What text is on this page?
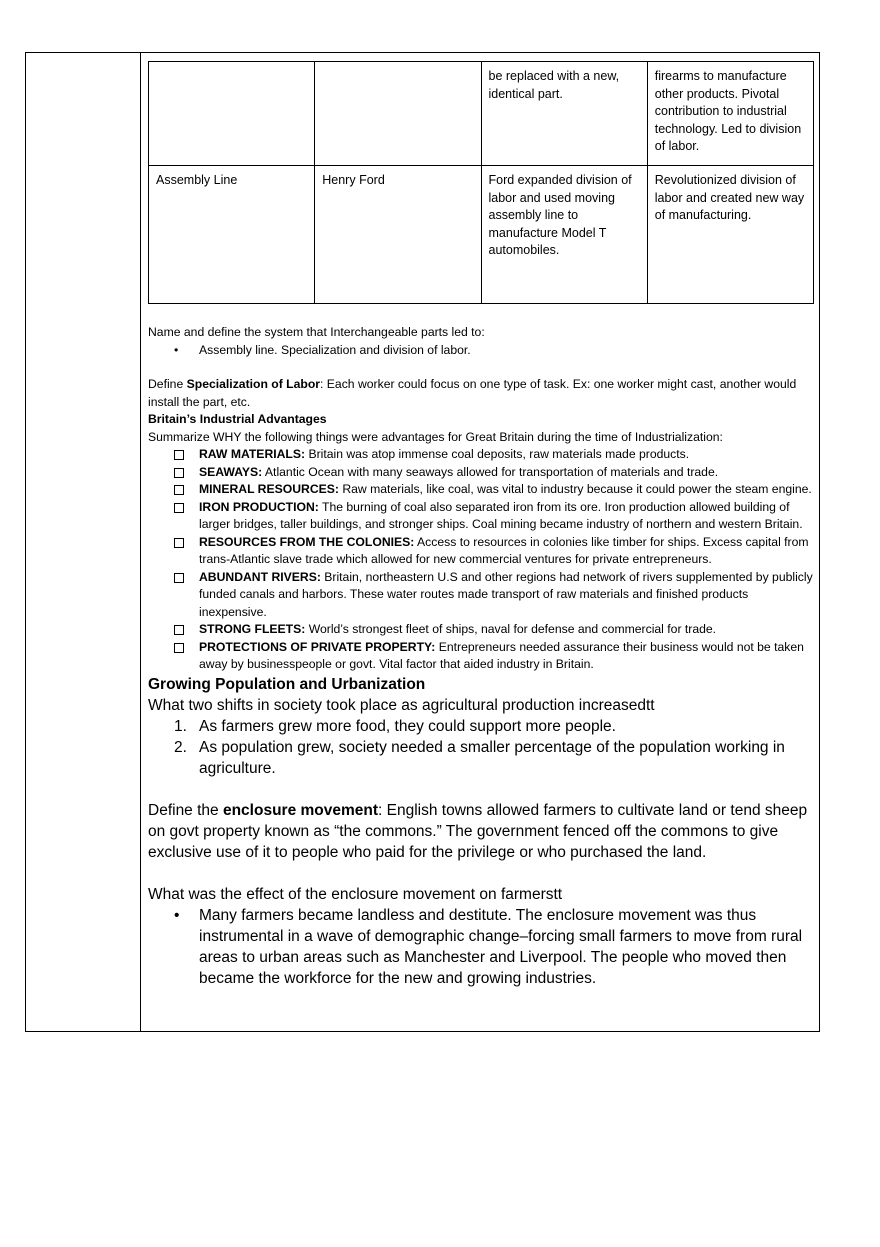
		be replaced with a new, identical part.	firearms to manufacture other products. Pivotal contribution to industrial technology. Led to division of labor.
Assembly Line	Henry Ford	Ford expanded division of labor and used moving assembly line to manufacture Model T automobiles.	Revolutionized division of labor and created new way of manufacturing.

Name and define the system that Interchangeable parts led to:

• Assembly line. Specialization and division of labor.

Define Specialization of Labor: Each worker could focus on one type of task. Ex: one worker might cast, another would install the part, etc.

Britain’s Industrial Advantages

Summarize WHY the following things were advantages for Great Britain during the time of Industrialization:

RAW MATERIALS: Britain was atop immense coal deposits, raw materials made products.
SEAWAYS: Atlantic Ocean with many seaways allowed for transportation of materials and trade.
MINERAL RESOURCES: Raw materials, like coal, was vital to industry because it could power the steam engine.
IRON PRODUCTION: The burning of coal also separated iron from its ore. Iron production allowed building of larger bridges, taller buildings, and stronger ships. Coal mining became industry of northern and western Britain.
RESOURCES FROM THE COLONIES: Access to resources in colonies like timber for ships. Excess capital from trans-Atlantic slave trade which allowed for new commercial ventures for private entrepreneurs.
ABUNDANT RIVERS: Britain, northeastern U.S and other regions had network of rivers supplemented by publicly funded canals and harbors. These water routes made transport of raw materials and finished products inexpensive.
STRONG FLEETS: World’s strongest fleet of ships, naval for defense and commercial for trade.
PROTECTIONS OF PRIVATE PROPERTY: Entrepreneurs needed assurance their business would not be taken away by businesspeople or govt. Vital factor that aided industry in Britain.

Growing Population and Urbanization

What two shifts in society took place as agricultural production increasedtt

1. As farmers grew more food, they could support more people.
2. As population grew, society needed a smaller percentage of the population working in agriculture.

Define the enclosure movement: English towns allowed farmers to cultivate land or tend sheep on govt property known as “the commons.” The government fenced off the commons to give exclusive use of it to people who paid for the privilege or who purchased the land.

What was the effect of the enclosure movement on farmerstt

• Many farmers became landless and destitute. The enclosure movement was thus instrumental in a wave of demographic change–forcing small farmers to move from rural areas to urban areas such as Manchester and Liverpool. The people who moved then became the workforce for the new and growing industries.
